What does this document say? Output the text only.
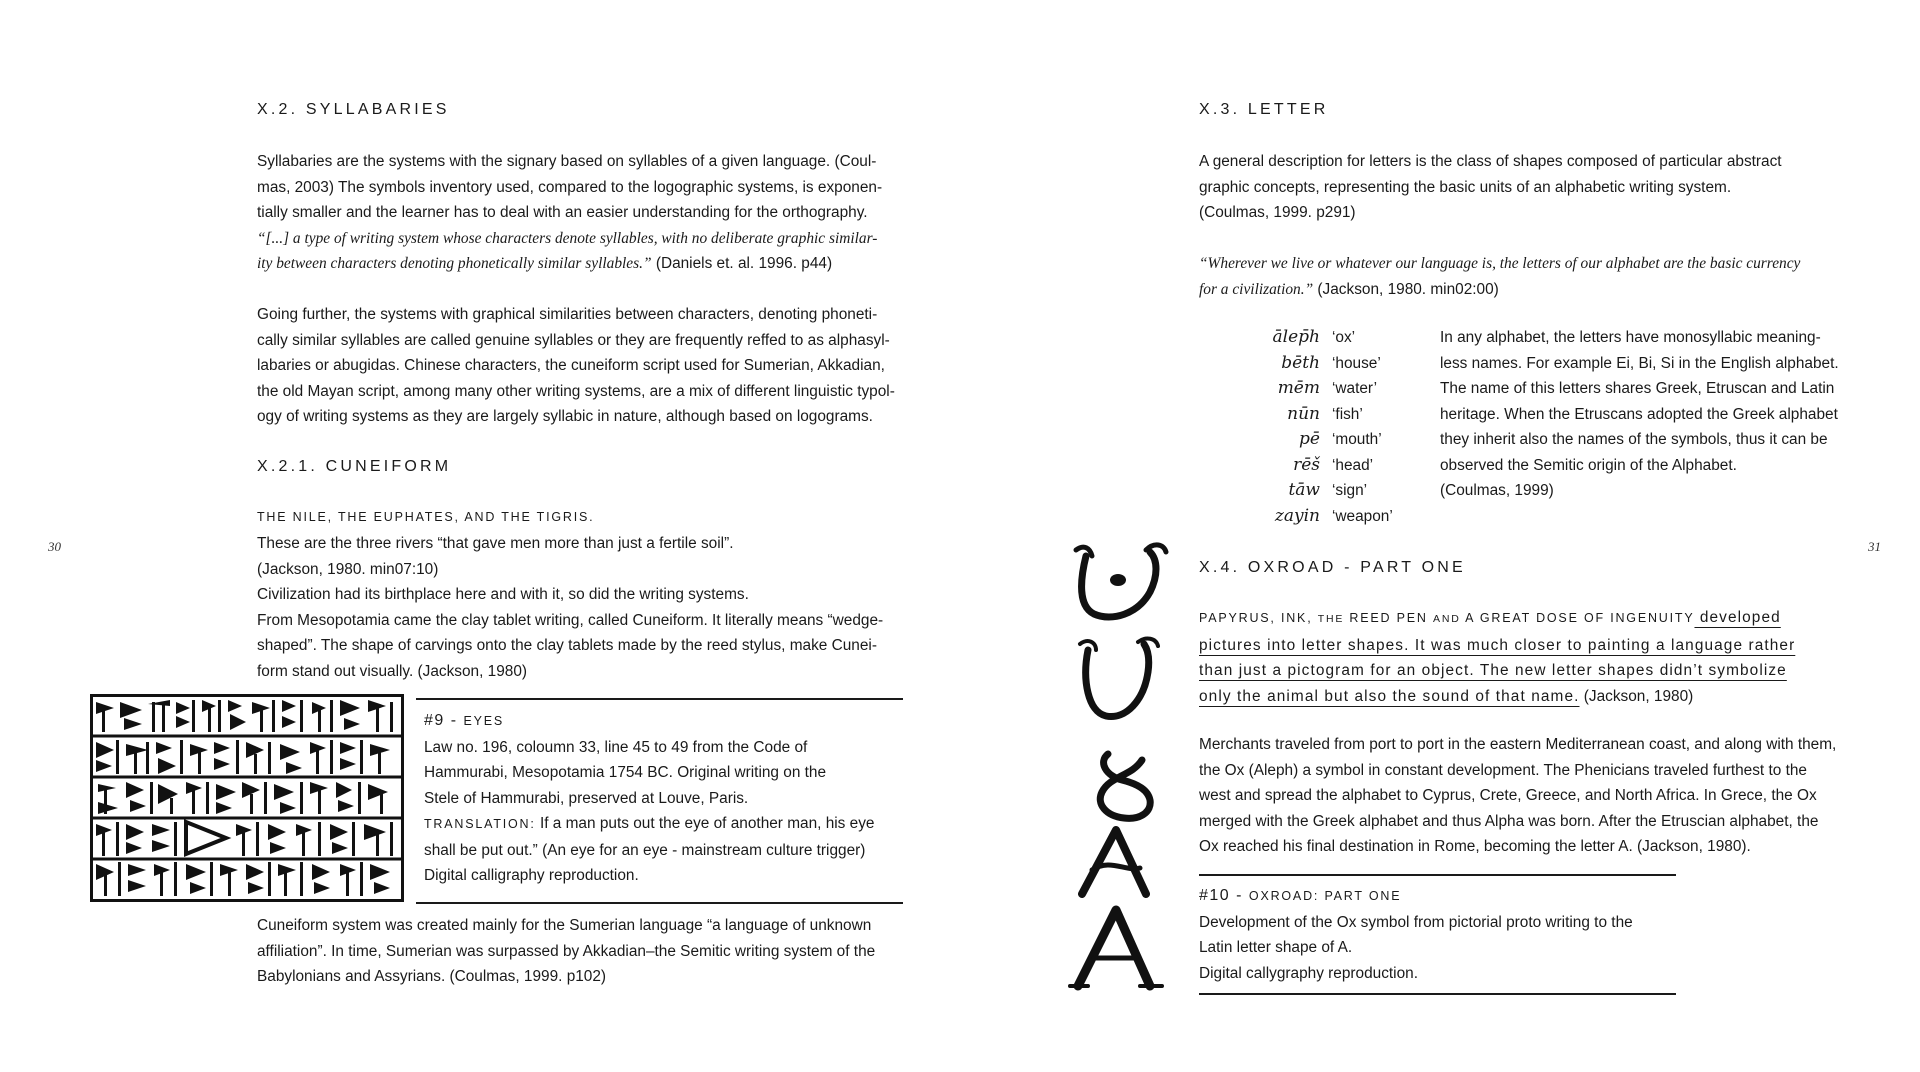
30
X.2. SYLLABARIES
Syllabaries are the systems with the signary based on syllables of a given language. (Coul-
mas, 2003) The symbols inventory used, compared to the logographic systems, is exponen-
tially smaller and the learner has to deal with an easier understanding for the orthography.
“[...] a type of writing system whose characters denote syllables, with no deliberate graphic similar-
ity between characters denoting phonetically similar syllables.” (Daniels et. al. 1996. p44)
Going further, the systems with graphical similarities between characters, denoting phoneti-
cally similar syllables are called genuine syllables or they are frequently reffed to as alphasyl-
labaries or abugidas. Chinese characters, the cuneiform script used for Sumerian, Akkadian,
the old Mayan script, among many other writing systems, are a mix of different linguistic typol-
ogy of writing systems as they are largely syllabic in nature, although based on logograms.
X.2.1. CUNEIFORM
THE NILE, THE EUPHATES, AND THE TIGRIS.
These are the three rivers “that gave men more than just a fertile soil”.
(Jackson, 1980. min07:10)
Civilization had its birthplace here and with it, so did the writing systems.
From Mesopotamia came the clay tablet writing, called Cuneiform. It literally means “wedge-
shaped”. The shape of carvings onto the clay tablets made by the reed stylus, make Cunei-
form stand out visually. (Jackson, 1980)
#9 - EYES
Law no. 196, coloumn 33, line 45 to 49 from the Code of
Hammurabi, Mesopotamia 1754 BC. Original writing on the
Stele of Hammurabi, preserved at Louve, Paris.
TRANSLATION: If a man puts out the eye of another man, his eye
shall be put out.” (An eye for an eye - mainstream culture trigger)
Digital calligraphy reproduction.
Cuneiform system was created mainly for the Sumerian language “a language of unknown
affiliation”. In time, Sumerian was surpassed by Akkadian–the Semitic writing system of the
Babylonians and Assyrians. (Coulmas, 1999. p102)
31
X.3. LETTER
A general description for letters is the class of shapes composed of particular abstract
graphic concepts, representing the basic units of an alphabetic writing system.
(Coulmas, 1999. p291)
“Wherever we live or whatever our language is, the letters of our alphabet are the basic currency
for a civilization.” (Jackson, 1980. min02:00)
ālep̄h	‘ox’
bēth	‘house’
mēm	‘water’
nūn	‘fish’
pē	‘mouth’
rēš	‘head’
tāw	‘sign’
zayin	‘weapon’
In any alphabet, the letters have monosyllabic meaning-
less names. For example Ei, Bi, Si in the English alphabet.
The name of this letters shares Greek, Etruscan and Latin
heritage. When the Etruscans adopted the Greek alphabet
they inherit also the names of the symbols, thus it can be
observed the Semitic origin of the Alphabet.
(Coulmas, 1999)
X.4. OXROAD - PART ONE
PAPYRUS, INK, THE REED PEN AND A GREAT DOSE OF INGENUITY developed
pictures into letter shapes. It was much closer to painting a language rather
than just a pictogram for an object. The new letter shapes didn’t symbolize
only the animal but also the sound of that name. (Jackson, 1980)
Merchants traveled from port to port in the eastern Mediterranean coast, and along with them,
the Ox (Aleph) a symbol in constant development. The Phenicians traveled furthest to the
west and spread the alphabet to Cyprus, Crete, Greece, and North Africa. In Grece, the Ox
merged with the Greek alphabet and thus Alpha was born. After the Etruscian alphabet, the
Ox reached his final destination in Rome, becoming the letter A. (Jackson, 1980).
#10 - OXROAD: PART ONE
Development of the Ox symbol from pictorial proto writing to the
Latin letter shape of A.
Digital callygraphy reproduction.
